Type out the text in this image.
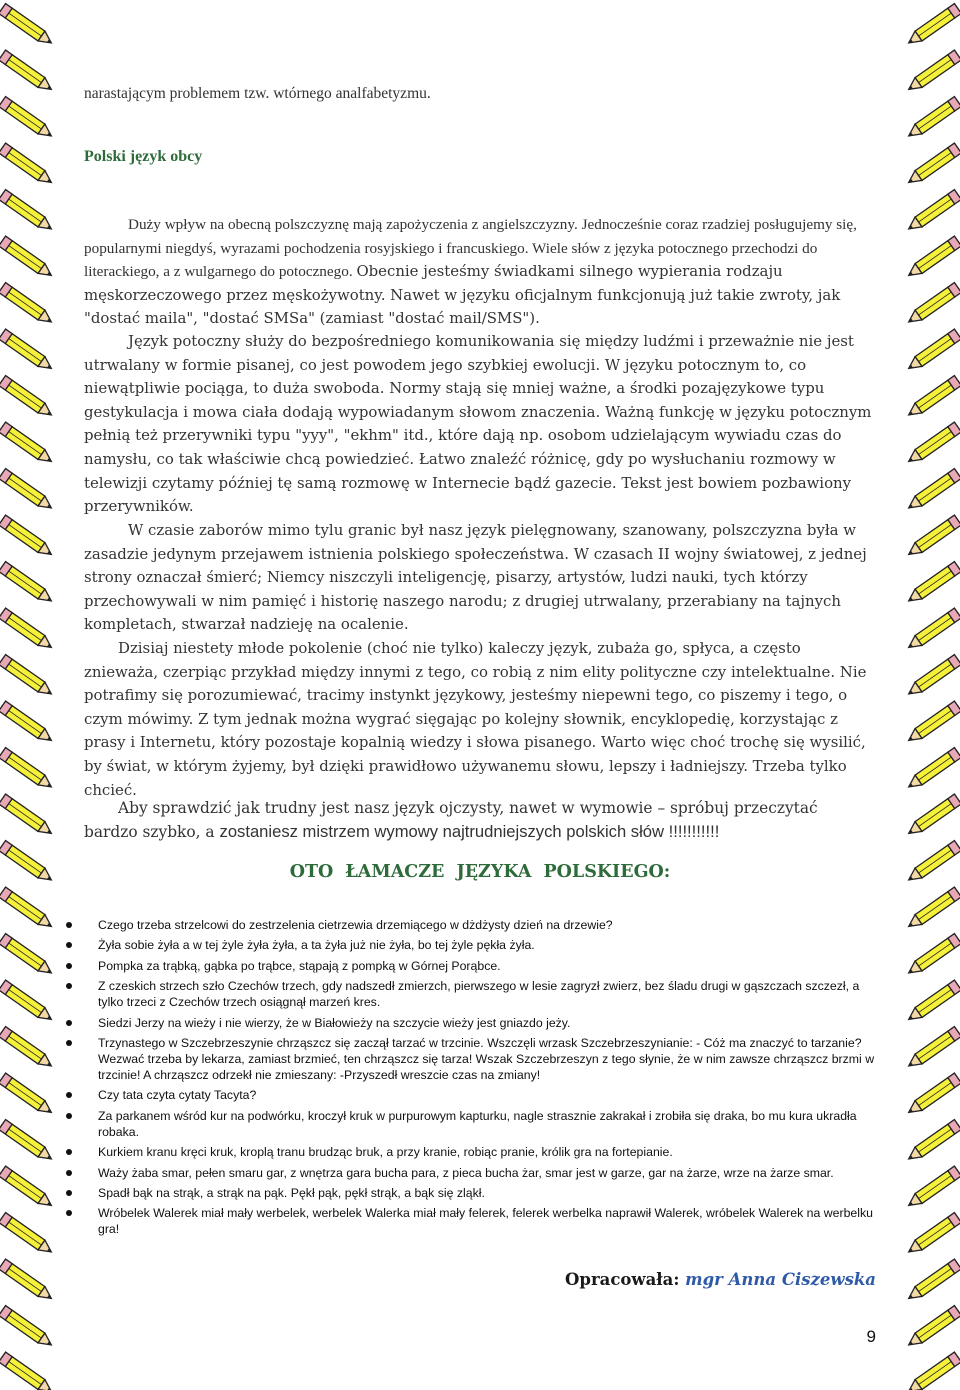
narastającym problemem tzw. wtórnego analfabetyzmu.

Polski język obcy

Duży wpływ na obecną polszczyznę mają zapożyczenia z angielszczyzny. Jednocześnie coraz rzadziej posługujemy się, popularnymi niegdyś, wyrazami pochodzenia rosyjskiego i francuskiego. Wiele słów z języka potocznego przechodzi do literackiego, a z wulgarnego do potocznego. Obecnie jesteśmy świadkami silnego wypierania rodzaju męskorzeczowego przez męskożywotny. Nawet w języku oficjalnym funkcjonują już takie zwroty, jak "dostać maila", "dostać SMSa" (zamiast "dostać mail/SMS").
Język potoczny służy do bezpośredniego komunikowania się między ludźmi i przeważnie nie jest utrwalany w formie pisanej, co jest powodem jego szybkiej ewolucji. W języku potocznym to, co niewątpliwie pociąga, to duża swoboda. Normy stają się mniej ważne, a środki pozajęzykowe typu gestykulacja i mowa ciała dodają wypowiadanym słowom znaczenia. Ważną funkcję w języku potocznym pełnią też przerywniki typu "yyy", "ekhm" itd., które dają np. osobom udzielającym wywiadu czas do namysłu, co tak właściwie chcą powiedzieć. Łatwo znaleźć różnicę, gdy po wysłuchaniu rozmowy w telewizji czytamy później tę samą rozmowę w Internecie bądź gazecie. Tekst jest bowiem pozbawiony przerywników.
W czasie zaborów mimo tylu granic był nasz język pielęgnowany, szanowany, polszczyzna była w zasadzie jedynym przejawem istnienia polskiego społeczeństwa. W czasach II wojny światowej, z jednej strony oznaczał śmierć; Niemcy niszczyli inteligencję, pisarzy, artystów, ludzi nauki, tych którzy przechowywali w nim pamięć i historię naszego narodu; z drugiej utrwalany, przerabiany na tajnych kompletach, stwarzał nadzieję na ocalenie.
Dzisiaj niestety młode pokolenie (choć nie tylko) kaleczy język, zubaża go, spłyca, a często znieważa, czerpiąc przykład między innymi z tego, co robią z nim elity polityczne czy intelektualne. Nie potrafimy się porozumiewać, tracimy instynkt językowy, jesteśmy niepewni tego, co piszemy i tego, o czym mówimy. Z tym jednak można wygrać sięgając po kolejny słownik, encyklopedię, korzystając z prasy i Internetu, który pozostaje kopalnią wiedzy i słowa pisanego. Warto więc choć trochę się wysilić, by świat, w którym żyjemy, był dzięki prawidłowo używanemu słowu, lepszy i ładniejszy. Trzeba tylko chcieć.
Aby sprawdzić jak trudny jest nasz język ojczysty, nawet w wymowie – spróbuj przeczytać bardzo szybko, a zostaniesz mistrzem wymowy najtrudniejszych polskich słów !!!!!!!!!!!
OTO ŁAMACZE JĘZYKA POLSKIEGO:
Czego trzeba strzelcowi do zestrzelenia cietrzewia drzemiącego w dżdżysty dzień na drzewie?
Żyła sobie żyła a w tej żyle żyła żyła, a ta żyła już nie żyła, bo tej żyle pękła żyła.
Pompka za trąbką, gąbka po trąbce, stąpają z pompką w Górnej Porąbce.
Z czeskich strzech szło Czechów trzech, gdy nadszedł zmierzch, pierwszego w lesie zagryzł zwierz, bez śladu drugi w gąszczach szczezł, a tylko trzeci z Czechów trzech osiągnął marzeń kres.
Siedzi Jerzy na wieży i nie wierzy, że w Białowieży na szczycie wieży jest gniazdo jeży.
Trzynastego w Szczebrzeszynie chrząszcz się zaczął tarzać w trzcinie. Wszczęli wrzask Szczebrzeszynianie: - Cóż ma znaczyć to tarzanie? Wezwać trzeba by lekarza, zamiast brzmieć, ten chrząszcz się tarza! Wszak Szczebrzeszyn z tego słynie, że w nim zawsze chrząszcz brzmi w trzcinie! A chrząszcz odrzekł nie zmieszany: -Przyszedł wreszcie czas na zmiany!
Czy tata czyta cytaty Tacyta?
Za parkanem wśród kur na podwórku, kroczył kruk w purpurowym kapturku, nagle strasznie zakrakał i zrobiła się draka, bo mu kura ukradła robaka.
Kurkiem kranu kręci kruk, kroplą tranu brudząc bruk, a przy kranie, robiąc pranie, królik gra na fortepianie.
Waży żaba smar, pełen smaru gar, z wnętrza gara bucha para, z pieca bucha żar, smar jest w garze, gar na żarze, wrze na żarze smar.
Spadł bąk na strąk, a strąk na pąk. Pękł pąk, pękł strąk, a bąk się zląkł.
Wróbelek Walerek miał mały werbelek, werbelek Walerka miał mały felerek, felerek werbelka naprawił Walerek, wróbelek Walerek na werbelku gra!
Opracowała: mgr Anna Ciszewska
9
